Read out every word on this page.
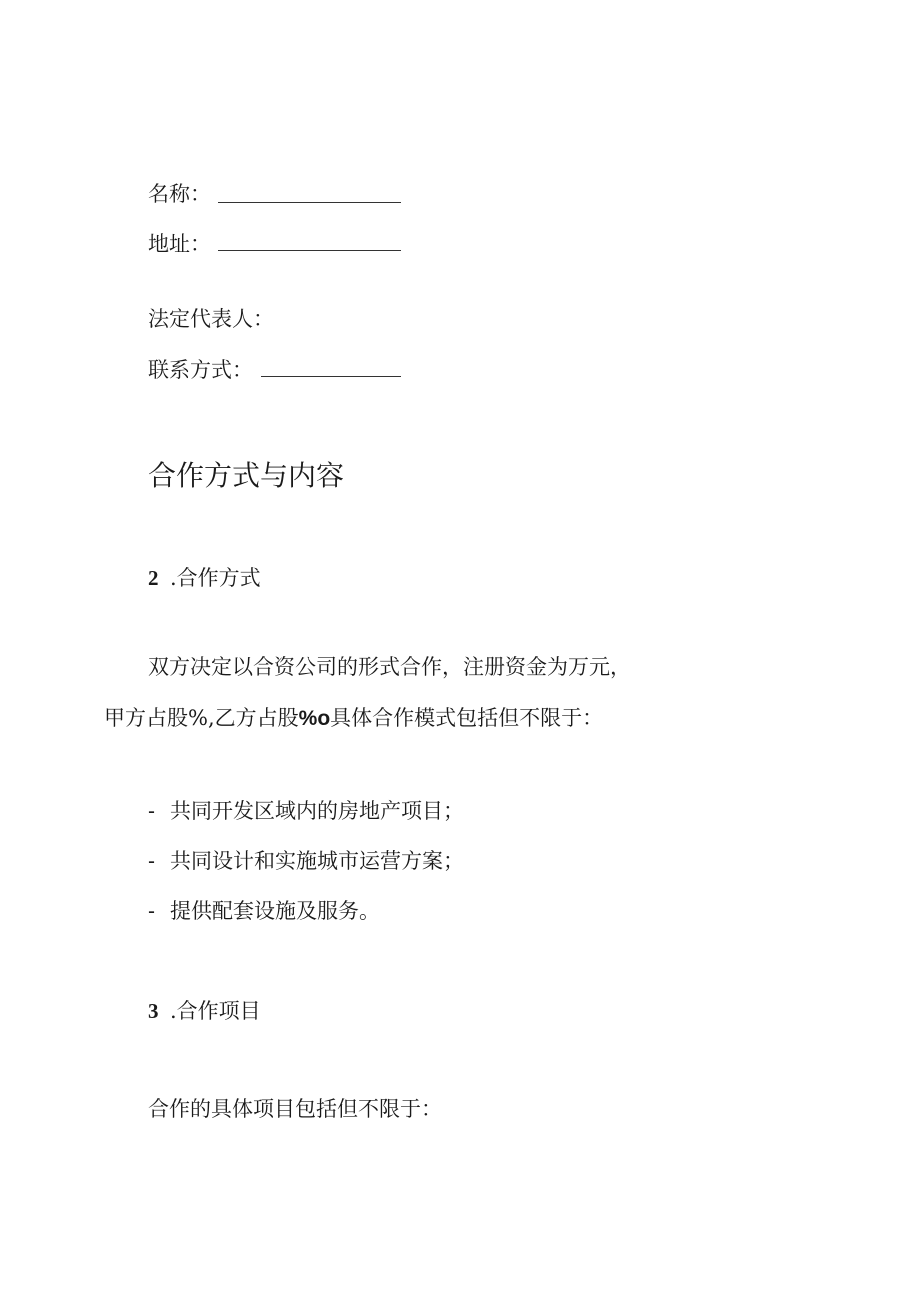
名称：
地址：
法定代表人：
联系方式：
合作方式与内容
2 .合作方式
双方决定以合资公司的形式合作，注册资金为万元，
甲方占股%,乙方占股%o具体合作模式包括但不限于：
- 共同开发区域内的房地产项目；
- 共同设计和实施城市运营方案；
- 提供配套设施及服务。
3 .合作项目
合作的具体项目包括但不限于：
